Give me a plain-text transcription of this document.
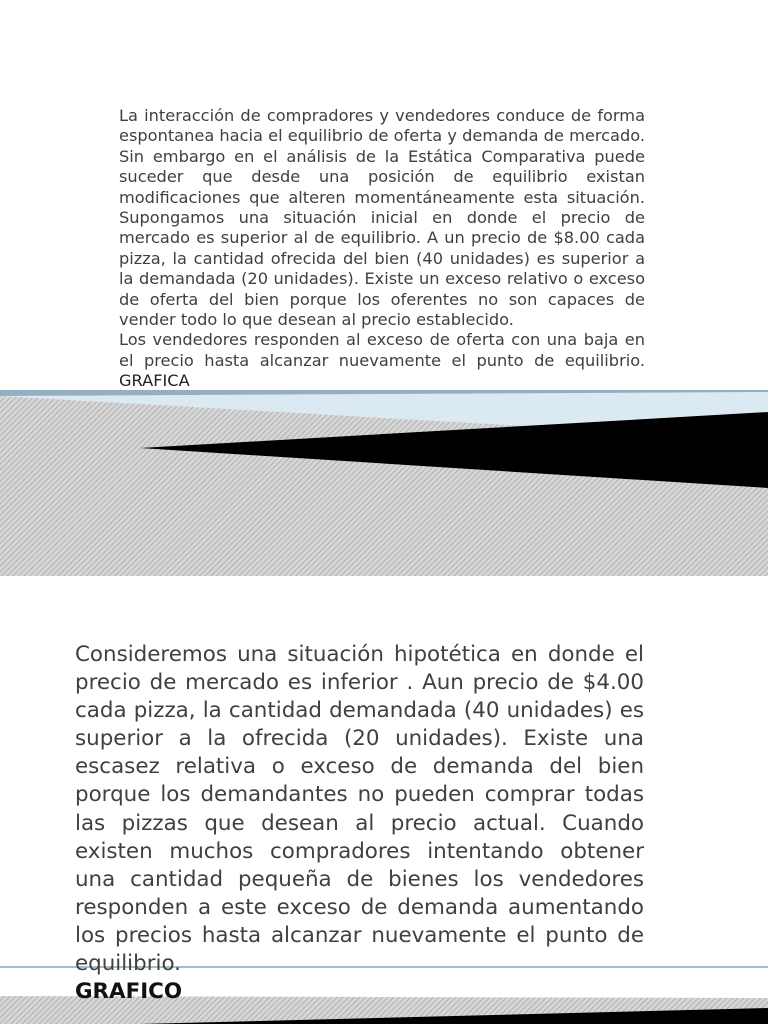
La interacción de compradores y vendedores conduce de forma espontanea hacia el equilibrio de oferta y demanda de mercado. Sin embargo en el análisis de la Estática Comparativa puede suceder que desde una posición de equilibrio existan modificaciones que alteren momentáneamente esta situación. Supongamos una situación inicial en donde el precio de mercado es superior al de equilibrio. A un precio de $8.00 cada pizza, la cantidad ofrecida del bien (40 unidades) es superior a la demandada (20 unidades). Existe un exceso relativo o exceso de oferta del bien porque los oferentes no son capaces de vender todo lo que desean al precio establecido.

Los vendedores responden al exceso de oferta con una baja en el precio hasta alcanzar nuevamente el punto de equilibrio. GRAFICA

Consideremos una situación hipotética en donde el precio de mercado es inferior . Aun precio de $4.00 cada pizza, la cantidad demandada (40 unidades) es superior a la ofrecida (20 unidades). Existe una escasez relativa o exceso de demanda del bien porque los demandantes no pueden comprar todas las pizzas que desean al precio actual. Cuando existen muchos compradores intentando obtener una cantidad pequeña de bienes los vendedores responden a este exceso de demanda aumentando los precios hasta alcanzar nuevamente el punto de equilibrio.

GRAFICO
